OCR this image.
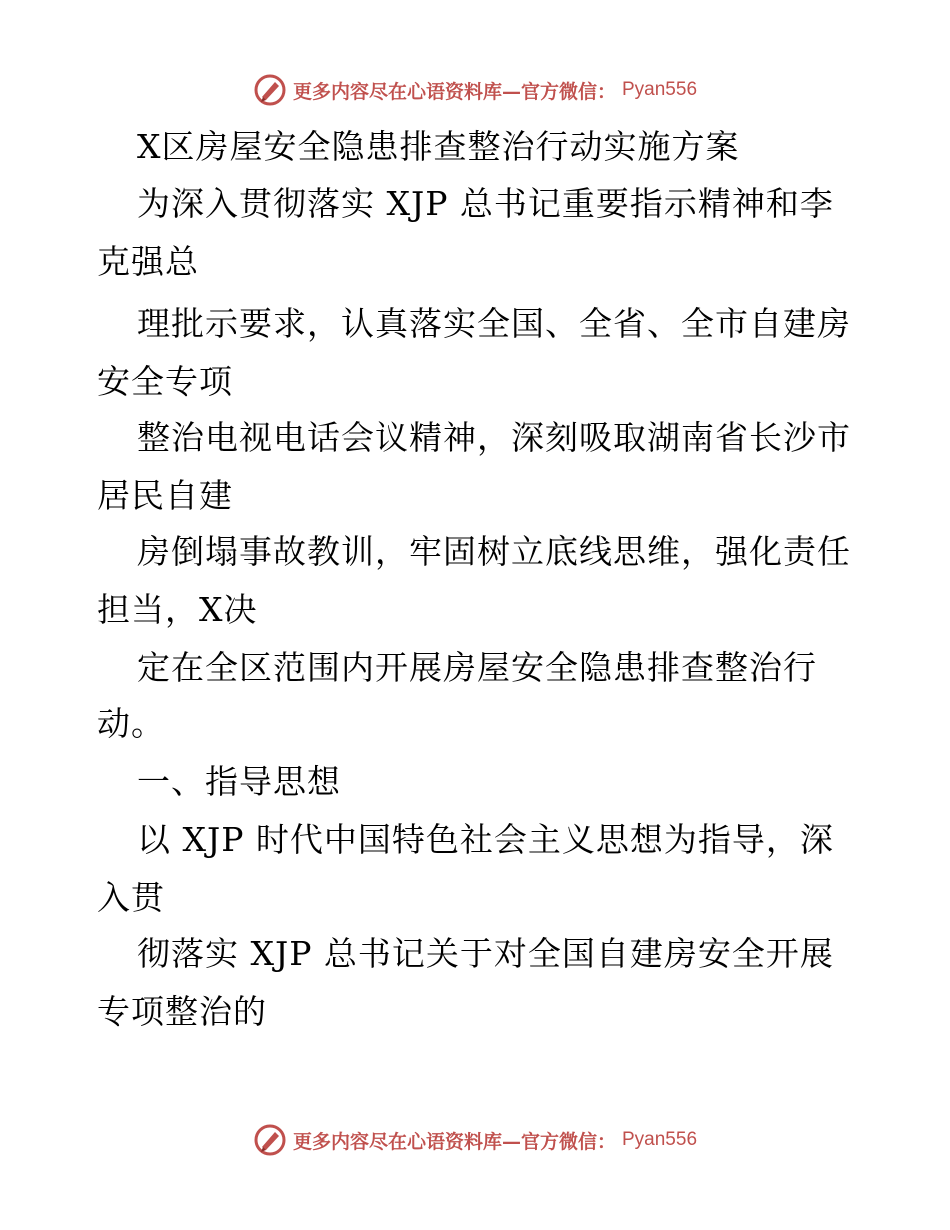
更多内容尽在心语资料库—官方微信： Pyan556
X区房屋安全隐患排查整治行动实施方案
为深入贯彻落实 XJP 总书记重要指示精神和李
克强总
理批示要求，认真落实全国、全省、全市自建房
安全专项
整治电视电话会议精神，深刻吸取湖南省长沙市
居民自建
房倒塌事故教训，牢固树立底线思维，强化责任
担当，X决
定在全区范围内开展房屋安全隐患排查整治行
动。
一、指导思想
以 XJP 时代中国特色社会主义思想为指导，深
入贯
彻落实 XJP 总书记关于对全国自建房安全开展
专项整治的
更多内容尽在心语资料库—官方微信： Pyan556
